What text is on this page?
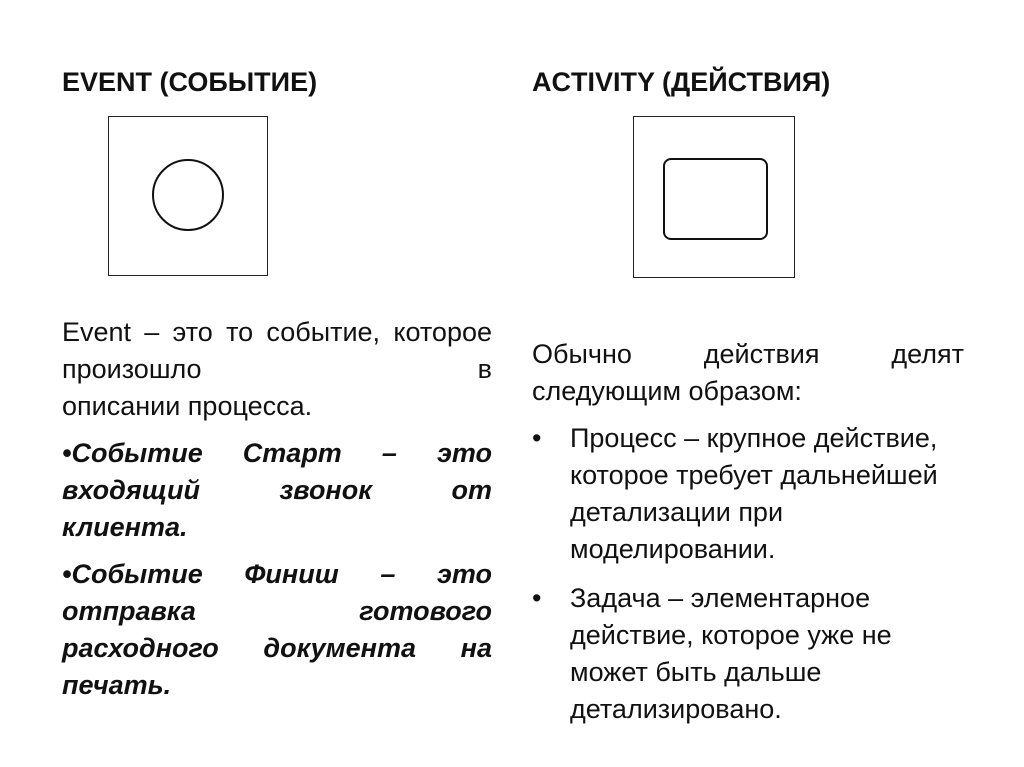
EVENT (СОБЫТИЕ)

Event – это то событие, которое произошло в
описании процесса.

•Событие Старт – это входящий звонок от
клиента.

•Событие Финиш – это отправка готового расходного документа на
печать.

ACTIVITY (ДЕЙСТВИЯ)

Обычно действия делят
следующим образом:

• Процесс – крупное действие, которое требует дальнейшей детализации при моделировании.
• Задача – элементарное действие, которое уже не может быть дальше детализировано.
